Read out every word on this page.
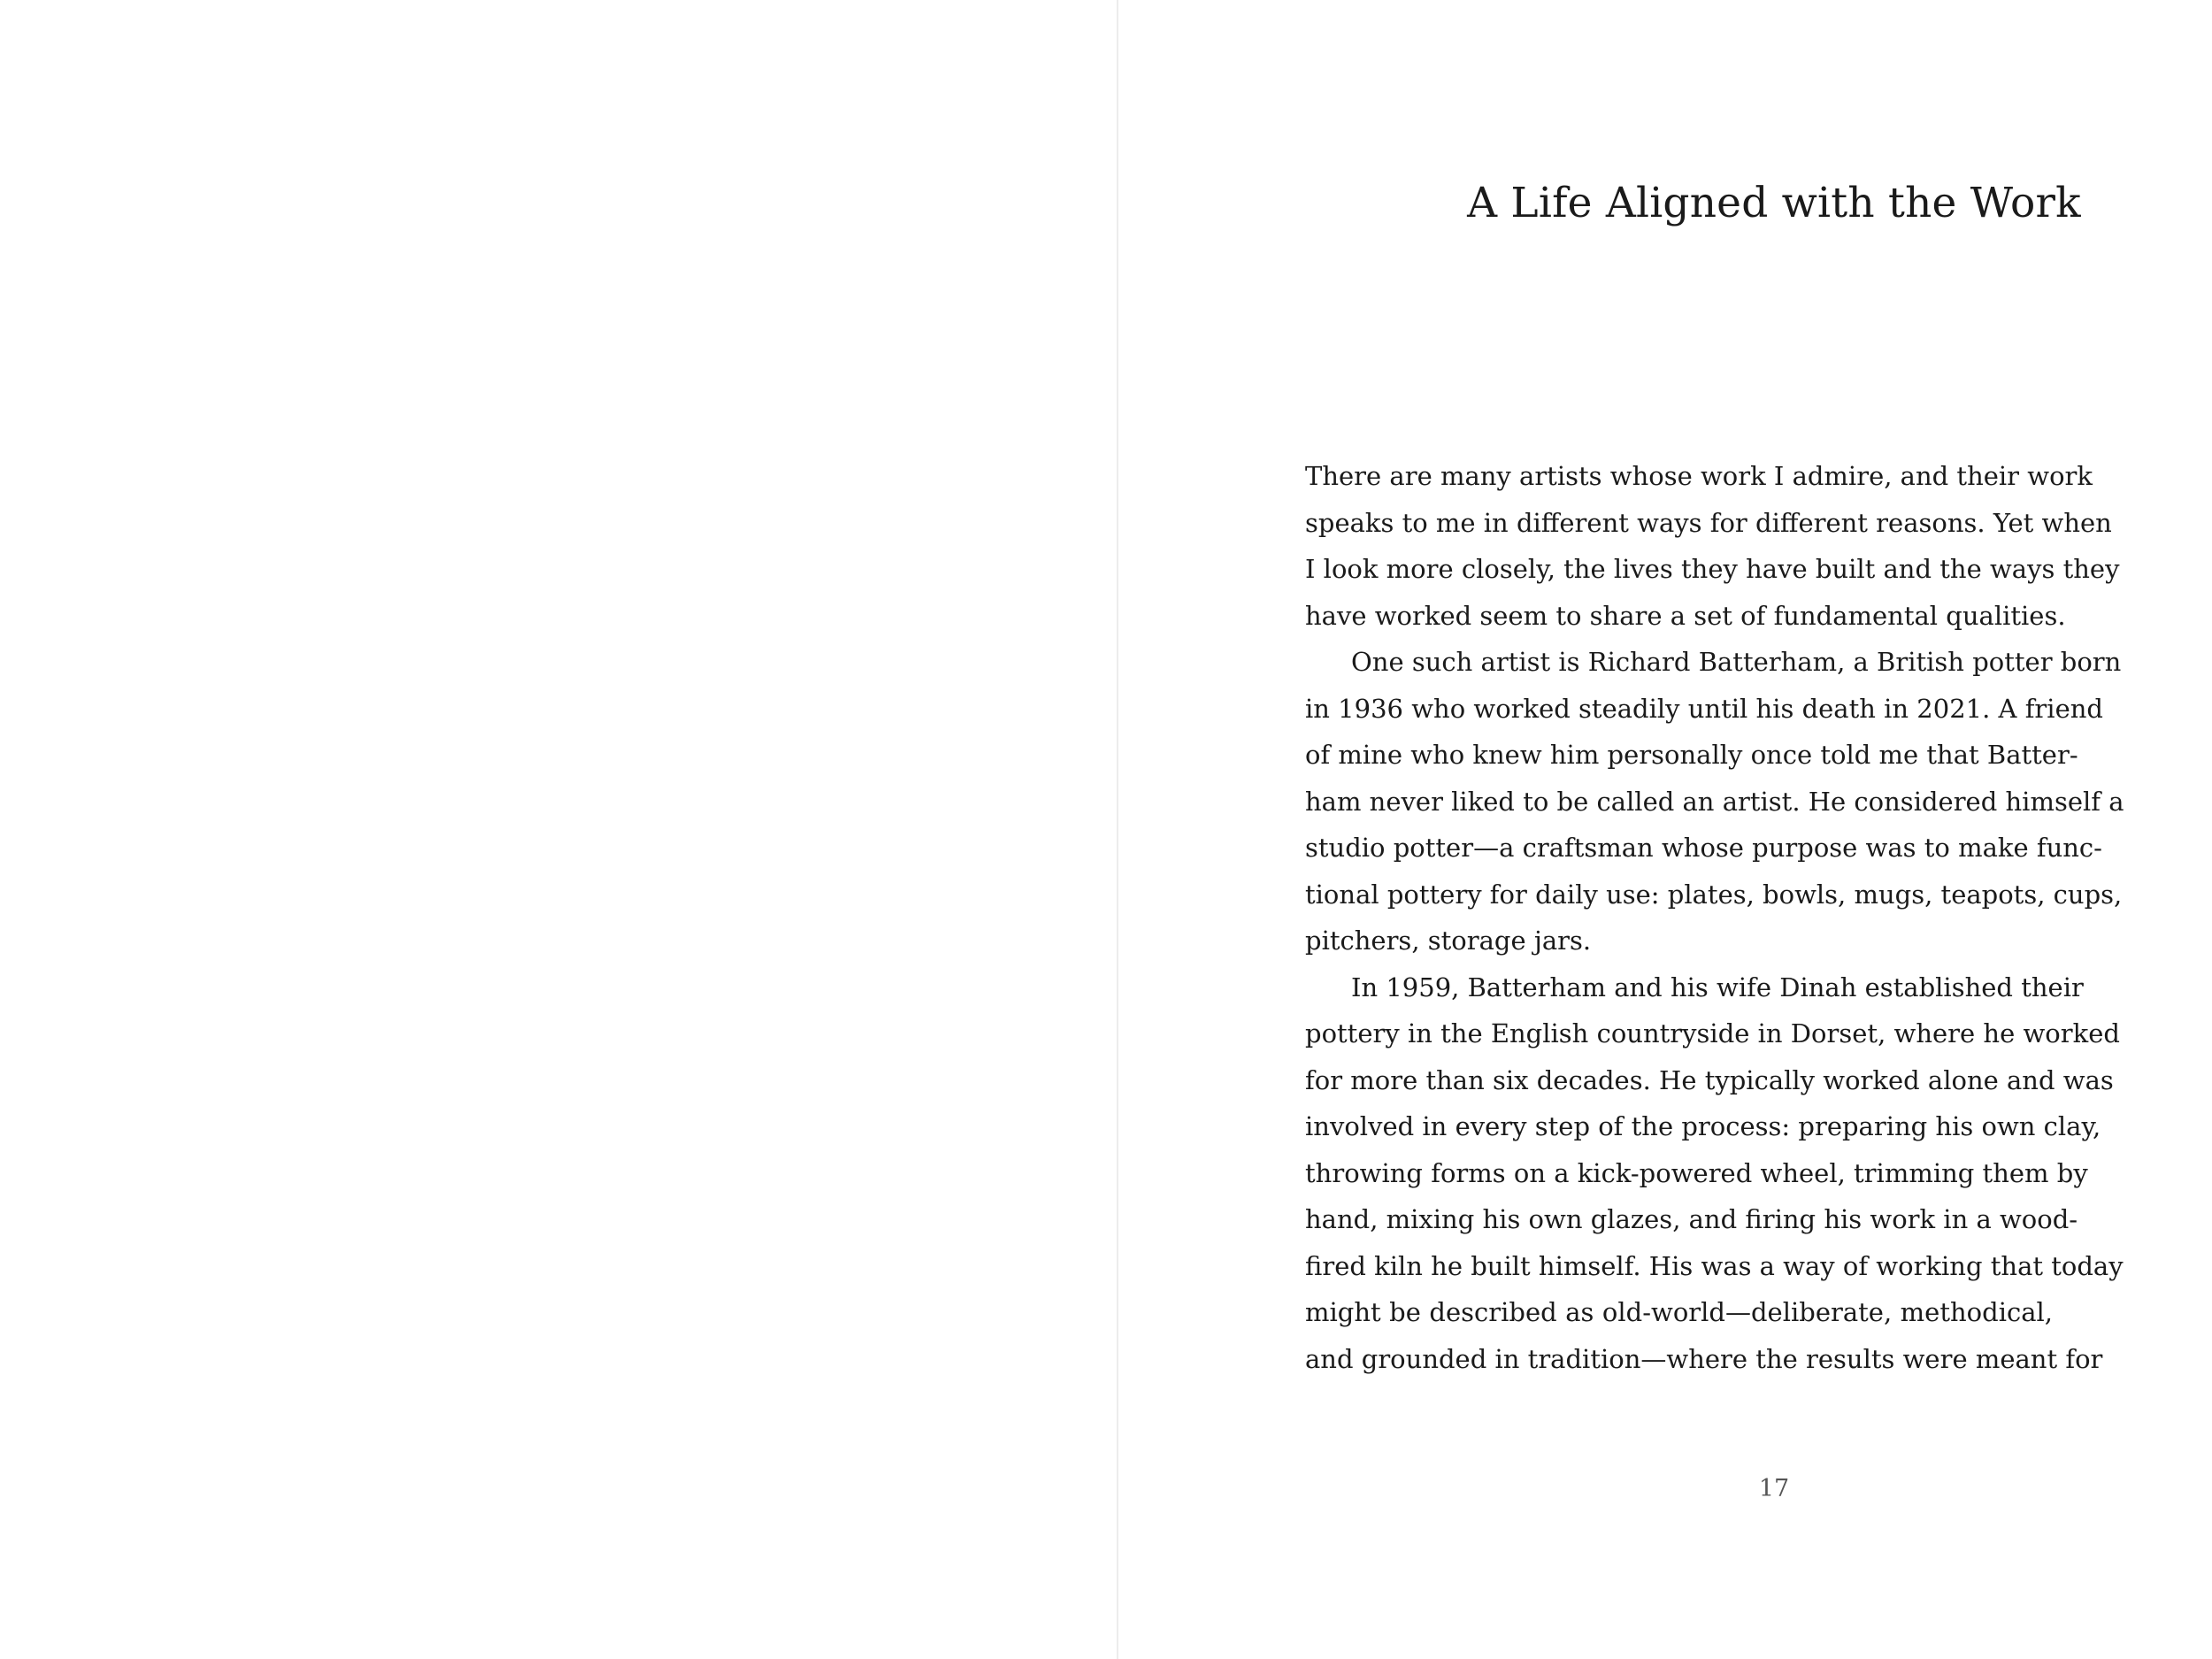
A Life Aligned with the Work
There are many artists whose work I admire, and their work
speaks to me in different ways for different reasons. Yet when
I look more closely, the lives they have built and the ways they
have worked seem to share a set of fundamental qualities.
One such artist is Richard Batterham, a British potter born
in 1936 who worked steadily until his death in 2021. A friend
of mine who knew him personally once told me that Batter-
ham never liked to be called an artist. He considered himself a
studio potter—a craftsman whose purpose was to make func-
tional pottery for daily use: plates, bowls, mugs, teapots, cups,
pitchers, storage jars.
In 1959, Batterham and his wife Dinah established their
pottery in the English countryside in Dorset, where he worked
for more than six decades. He typically worked alone and was
involved in every step of the process: preparing his own clay,
throwing forms on a kick-powered wheel, trimming them by
hand, mixing his own glazes, and firing his work in a wood-
fired kiln he built himself. His was a way of working that today
might be described as old-world—deliberate, methodical,
and grounded in tradition—where the results were meant for
17
